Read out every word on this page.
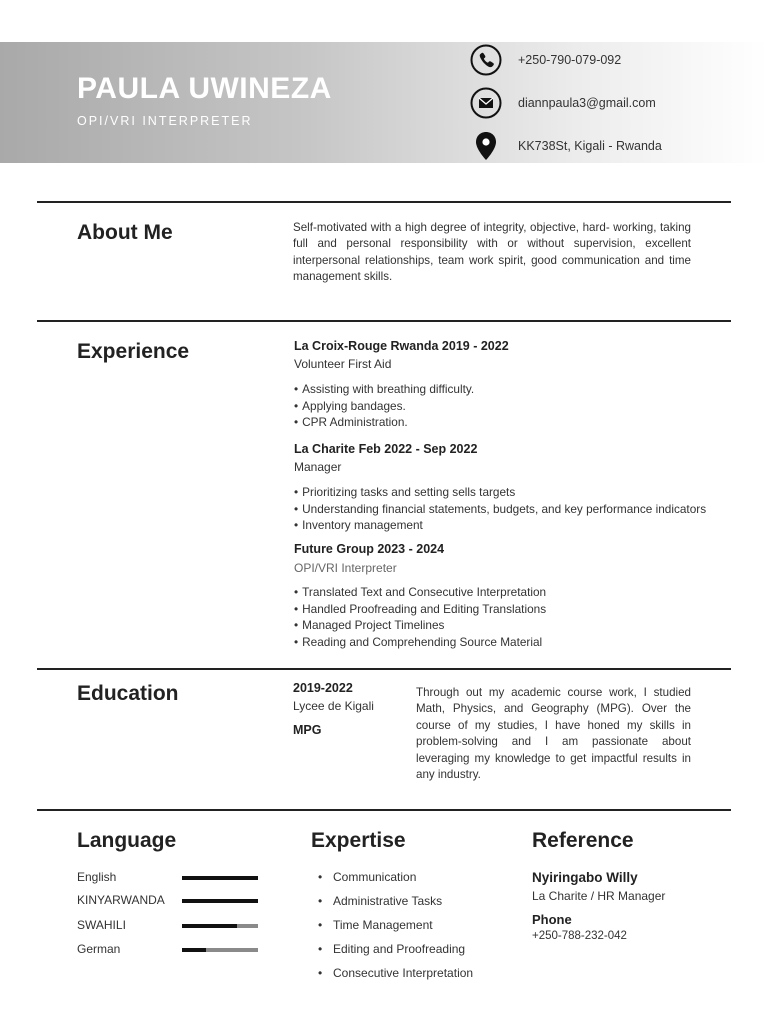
PAULA UWINEZA
OPI/VRI INTERPRETER
+250-790-079-092
diannpaula3@gmail.com
KK738St, Kigali - Rwanda
About Me	Self-motivated with a high degree of integrity, objective, hard- working, taking full and personal responsibility with or without supervision, excellent interpersonal relationships, team work spirit, good communication and time management skills.
Experience	La Croix-Rouge Rwanda 2019 - 2022
Volunteer First Aid
• Assisting with breathing difficulty.
• Applying bandages.
• CPR Administration.
La Charite Feb 2022 - Sep 2022
Manager
• Prioritizing tasks and setting sells targets
• Understanding financial statements, budgets, and key performance indicators
• Inventory management
Future Group 2023 - 2024
OPI/VRI Interpreter
• Translated Text and Consecutive Interpretation
• Handled Proofreading and Editing Translations
• Managed Project Timelines
• Reading and Comprehending Source Material
Education	2019-2022
Lycee de Kigali
MPG
Through out my academic course work, I studied Math, Physics, and Geography (MPG). Over the course of my studies, I have honed my skills in problem-solving and I am passionate about leveraging my knowledge to get impactful results in any industry.
Language
English
KINYARWANDA
SWAHILI
German
Expertise
• Communication
• Administrative Tasks
• Time Management
• Editing and Proofreading
• Consecutive Interpretation
Reference
Nyiringabo Willy
La Charite / HR Manager
Phone
+250-788-232-042
